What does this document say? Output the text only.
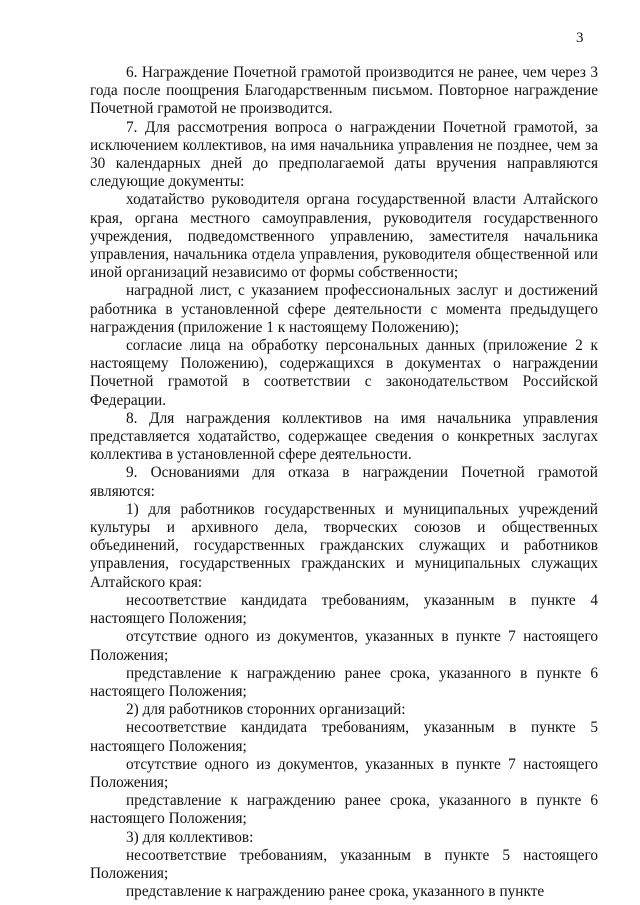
3

6. Награждение Почетной грамотой производится не ранее, чем через 3 года после поощрения Благодарственным письмом. Повторное награждение Почетной грамотой не производится.

7. Для рассмотрения вопроса о награждении Почетной грамотой, за исключением коллективов, на имя начальника управления не позднее, чем за 30 календарных дней до предполагаемой даты вручения направляются следующие документы:

ходатайство руководителя органа государственной власти Алтайского края, органа местного самоуправления, руководителя государственного учреждения, подведомственного управлению, заместителя начальника управления, начальника отдела управления, руководителя общественной или иной организаций независимо от формы собственности;

наградной лист, с указанием профессиональных заслуг и достижений работника в установленной сфере деятельности с момента предыдущего награждения (приложение 1 к настоящему Положению);

согласие лица на обработку персональных данных (приложение 2 к настоящему Положению), содержащихся в документах о награждении Почетной грамотой в соответствии с законодательством Российской Федерации.

8. Для награждения коллективов на имя начальника управления представляется ходатайство, содержащее сведения о конкретных заслугах коллектива в установленной сфере деятельности.

9. Основаниями для отказа в награждении Почетной грамотой являются:

1) для работников государственных и муниципальных учреждений культуры и архивного дела, творческих союзов и общественных объединений, государственных гражданских служащих и работников управления, государственных гражданских и муниципальных служащих Алтайского края:

несоответствие кандидата требованиям, указанным в пункте 4 настоящего Положения;

отсутствие одного из документов, указанных в пункте 7 настоящего Положения;

представление к награждению ранее срока, указанного в пункте 6 настоящего Положения;

2) для работников сторонних организаций:

несоответствие кандидата требованиям, указанным в пункте 5 настоящего Положения;

отсутствие одного из документов, указанных в пункте 7 настоящего Положения;

представление к награждению ранее срока, указанного в пункте 6 настоящего Положения;

3) для коллективов:

несоответствие требованиям, указанным в пункте 5 настоящего Положения;

представление к награждению ранее срока, указанного в пункте
